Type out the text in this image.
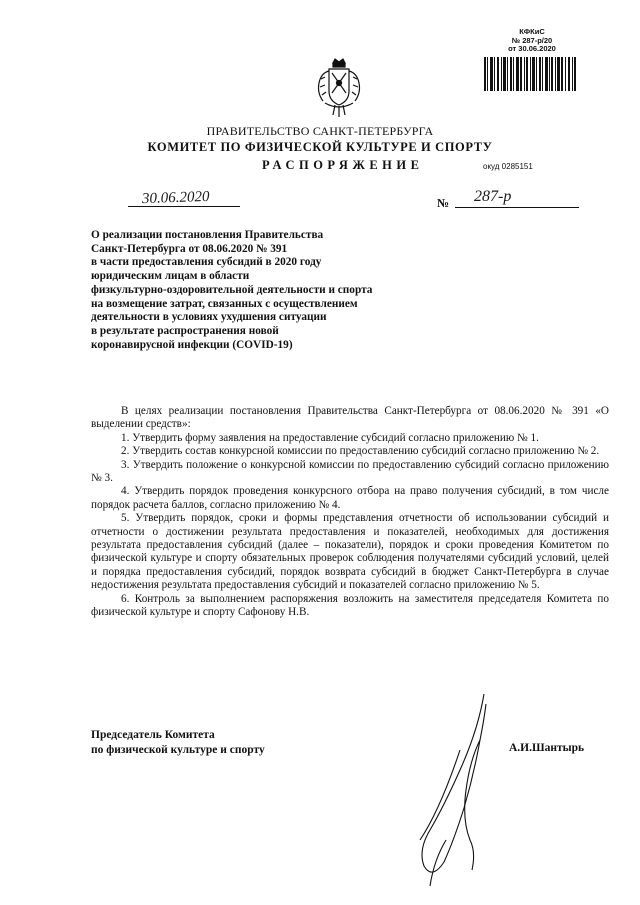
КФКиС
№ 287-р/20
от 30.06.2020
ПРАВИТЕЛЬСТВО САНКТ-ПЕТЕРБУРГА
КОМИТЕТ ПО ФИЗИЧЕСКОЙ КУЛЬТУРЕ И СПОРТУ
РАСПОРЯЖЕНИЕ	окуд 0285151
30.06.2020	№ 287-р
О реализации постановления Правительства
Санкт-Петербурга от 08.06.2020 № 391
в части предоставления субсидий в 2020 году
юридическим лицам в области
физкультурно-оздоровительной деятельности и спорта
на возмещение затрат, связанных с осуществлением
деятельности в условиях ухудшения ситуации
в результате распространения новой
коронавирусной инфекции (COVID-19)

В целях реализации постановления Правительства Санкт-Петербурга от 08.06.2020 № 391 «О выделении средств»:

1. Утвердить форму заявления на предоставление субсидий согласно приложению № 1.

2. Утвердить состав конкурсной комиссии по предоставлению субсидий согласно приложению № 2.

3. Утвердить положение о конкурсной комиссии по предоставлению субсидий согласно приложению № 3.

4. Утвердить порядок проведения конкурсного отбора на право получения субсидий, в том числе порядок расчета баллов, согласно приложению № 4.

5. Утвердить порядок, сроки и формы представления отчетности об использовании субсидий и отчетности о достижении результата предоставления и показателей, необходимых для достижения результата предоставления субсидий (далее – показатели), порядок и сроки проведения Комитетом по физической культуре и спорту обязательных проверок соблюдения получателями субсидий условий, целей и порядка предоставления субсидий, порядок возврата субсидий в бюджет Санкт-Петербурга в случае недостижения результата предоставления субсидий и показателей согласно приложению № 5.

6. Контроль за выполнением распоряжения возложить на заместителя председателя Комитета по физической культуре и спорту Сафонову Н.В.

Председатель Комитета
по физической культуре и спорту	А.И.Шантырь
